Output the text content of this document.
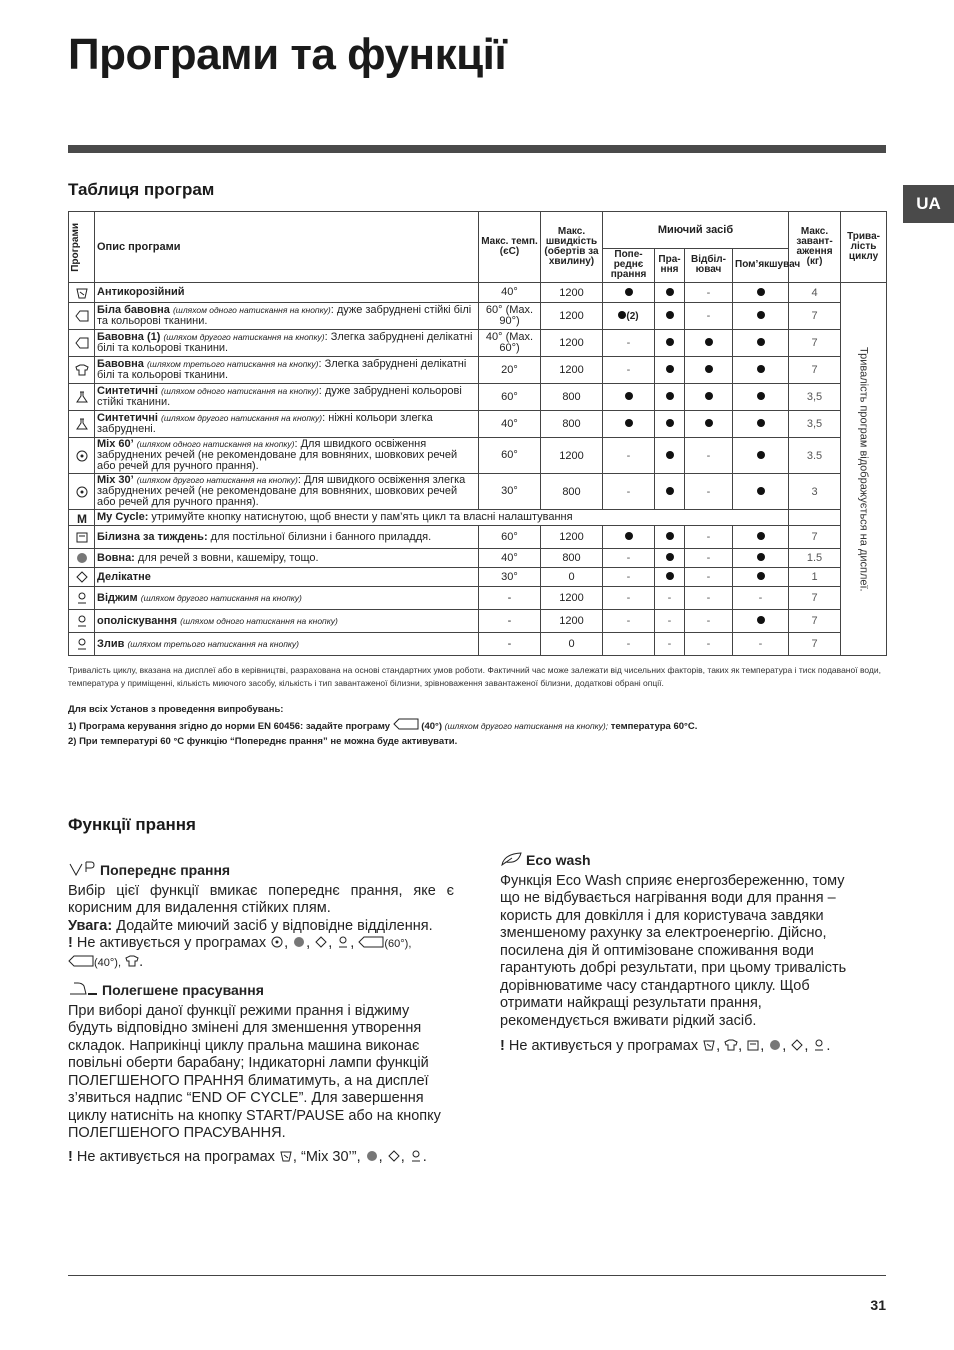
Програми та функції
UA
Таблиця програм
Програми	Опис програми	Макс. темп. (єС)	Макс. швидкість (обертів за хвилину)	Миючий засіб				Макс. завант-аження (кг)	Трива-лість циклу
				Попе-реднє прання	Пра-ння	Відбіл-ювач	Пом’якшувач		

	Антикорозійний	40°	1200			-		4	Тривалість програм відображується на дисплеї.

	Біла бавовна (шляхом одного натискання на кнопку): дуже забруднені стійкі білі та кольорові тканини.	60° (Max. 90°)	1200	(2)		-		7	

	Бавовна (1) (шляхом другого натискання на кнопку): Злегка забруднені делікатні білі та кольорові тканини.	40° (Max. 60°)	1200	-				7	

	Бавовна (шляхом третього натискання на кнопку): Злегка забруднені делікатні білі та кольорові тканини.	20°	1200	-				7	

	Синтетичні (шляхом одного натискання на кнопку): дуже забруднені кольорові стійкі тканини.	60°	800					3,5	

	Синтетичні (шляхом другого натискання на кнопку): ніжні кольори злегка забруднені.	40°	800					3,5	

	Mix 60’ (шляхом одного натискання на кнопку): Для швидкого освіження забруднених речей (не рекомендоване для вовняних, шовкових речей або речей для ручного прання).	60°	1200	-		-		3.5	

	Mix 30’ (шляхом другого натискання на кнопку): Для швидкого освіження злегка забруднених речей (не рекомендоване для вовняних, шовкових речей або речей для ручного прання).	30°	800	-		-		3	

M	My Cycle: утримуйте кнопку натиснутою, щоб внести у пам’ять цикл та власні налаштування								

	Білизна за тиждень: для постільної білизни і банного приладдя.	60°	1200			-		7	

	Вовна: для речей з вовни, кашеміру, тощо.	40°	800	-		-		1.5	

	Делікатне	30°	0	-		-		1	

	Віджим (шляхом другого натискання на кнопку)	-	1200	-	-	-	-	7	

	ополіскування (шляхом одного натискання на кнопку)	-	1200	-	-	-		7	

	Злив (шляхом третього натискання на кнопку)	-	0	-	-	-	-	7	
Тривалість циклу, вказана на дисплеї або в керівництві, разрахована на основі стандартних умов роботи. Фактичний час може залежати від чисельних факторів, таких як температура і тиск подаваної води, температура у приміщенні, кількість миючого засобу, кількість і тип завантаженої білизни, зрівноваження завантаженої білизни, додаткові обрані опції.
Для всіх Установ з проведення випробувань:
1) Програма керування згідно до норми EN 60456: задайте програму	(40°) (шляхом другого натискання на кнопку); температура 60°C.
2) При температурі 60 °C функцію “Попереднє прання” не можна буде активувати.
Функції прання

Попереднє прання

Вибір цієї функції вмикає попереднє прання, яке є корисним для видалення стійких плям.

Увага: Додайте миючий засіб у відповідне відділення.

! Не активується у програмах , , , , (60°),

(40°), .

Полегшене прасування

При виборі даної функції режими прання і віджиму будуть відповідно змінені для зменшення утворення складок. Наприкінці циклу пральна машина виконає повільні оберти барабану; Індикаторні лампи функцій ПОЛЕГШЕНОГО ПРАННЯ блиматимуть, а на дисплеї з’явиться надпис “END OF CYCLE”. Для завершення циклу натисніть на кнопку START/PAUSE або на кнопку ПОЛЕГШЕНОГО ПРАСУВАННЯ.

! Не активується на програмах , “Mix 30’”, , , .

Eco wash

Функція Eco Wash сприяє енергозбереженню, тому що не відбувається нагрівання води для прання – користь для довкілля і для користувача завдяки зменшеному рахунку за електроенергію. Дійсно, посилена дія й оптимізоване споживання води гарантують добрі результати, при цьому тривалість дорівнюватиме часу стандартного циклу. Щоб отримати найкращі результати прання, рекомендується вживати рідкий засіб.

! Не активується у програмах , , , , , .

31
